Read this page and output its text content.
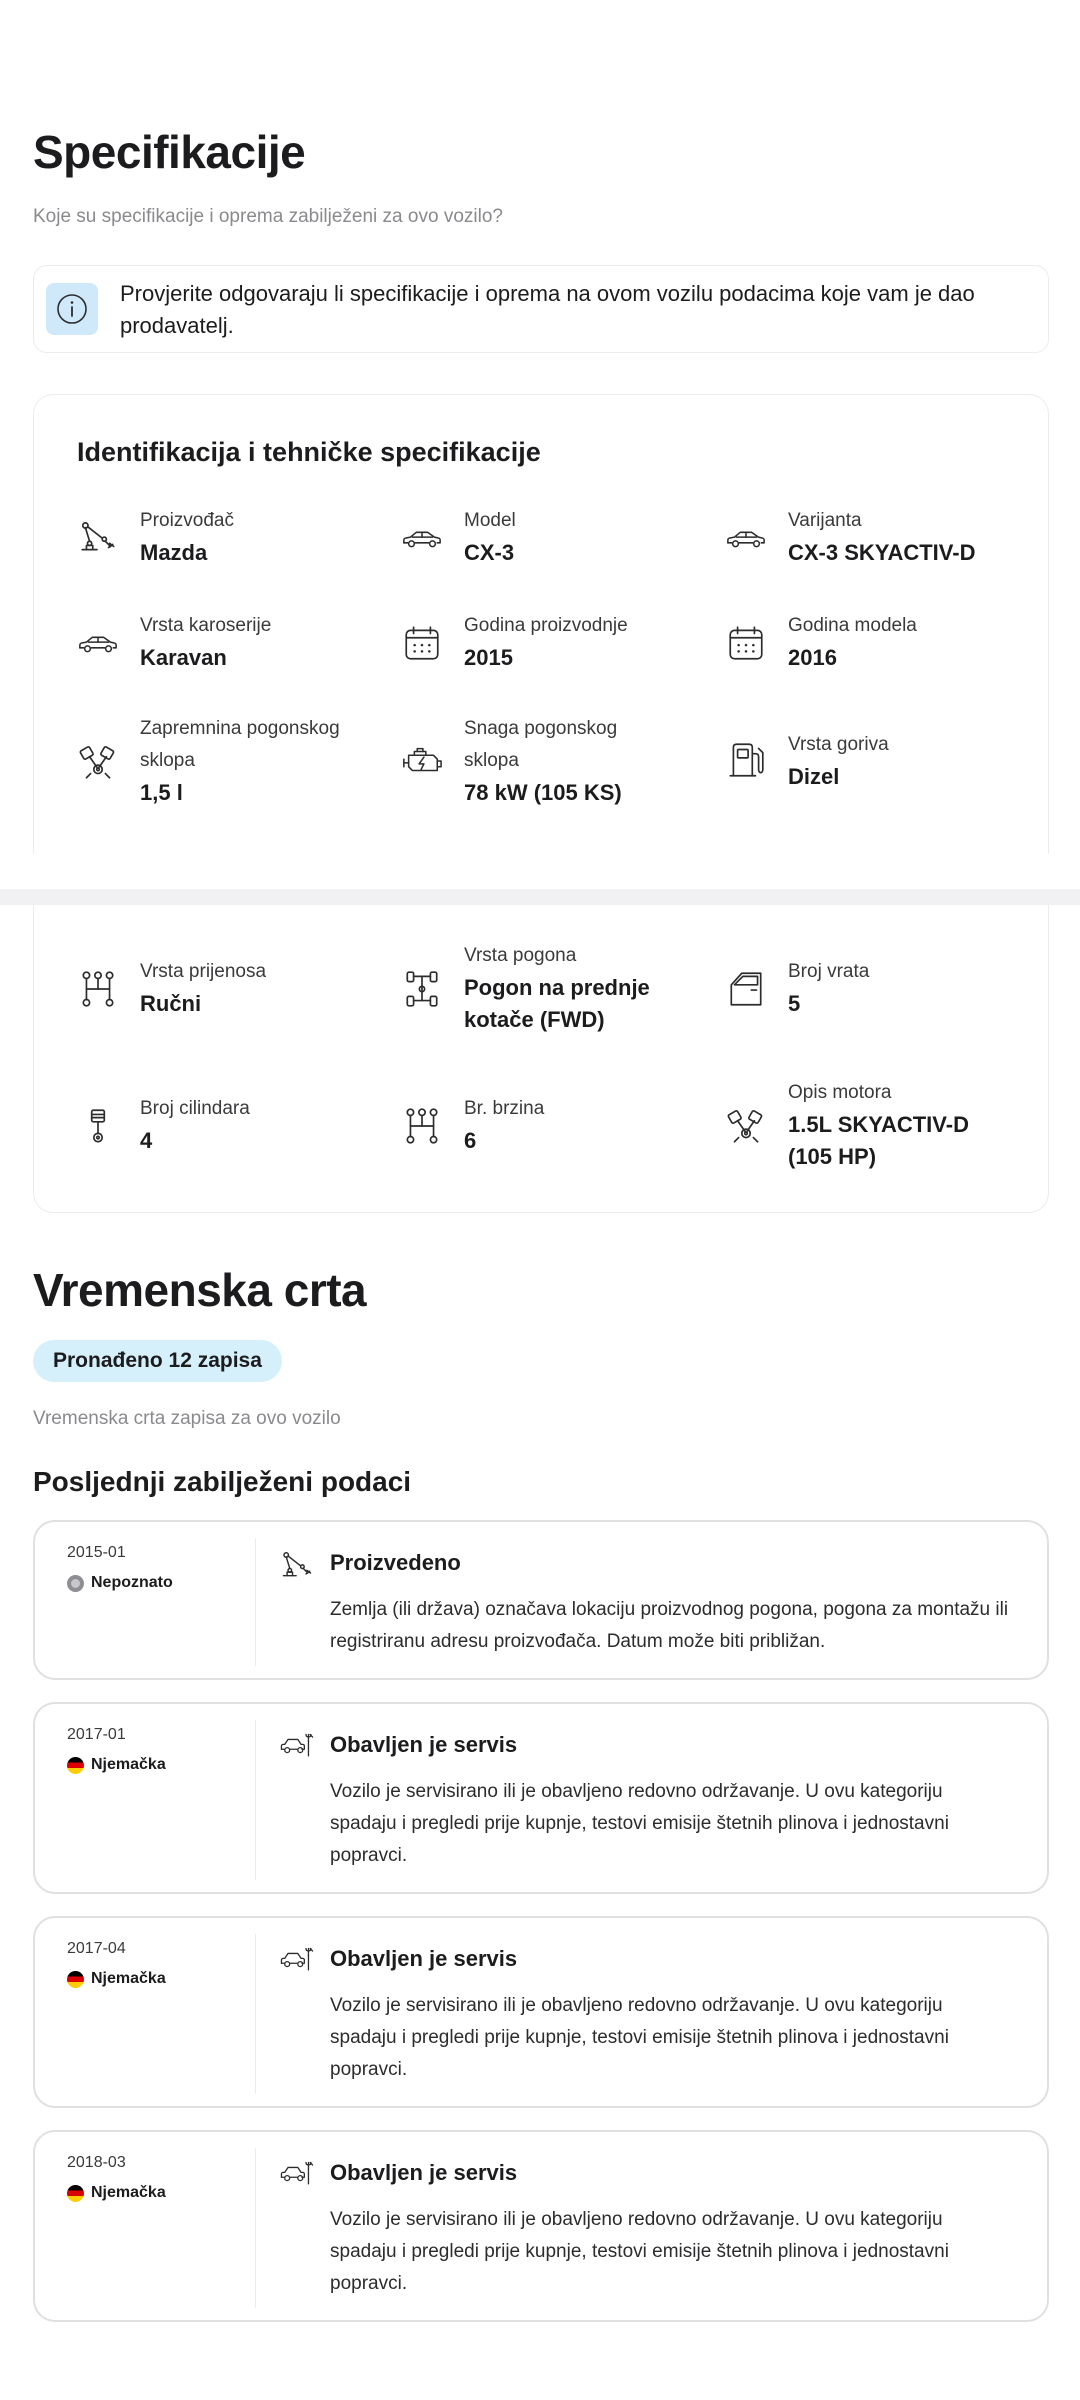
Specifikacije
Koje su specifikacije i oprema zabilježeni za ovo vozilo?
Provjerite odgovaraju li specifikacije i oprema na ovom vozilu podacima koje vam je dao prodavatelj.
Identifikacija i tehničke specifikacije
Proizvođač
Mazda
Model
CX-3
Varijanta
CX-3 SKYACTIV-D
Vrsta karoserije
Karavan
Godina proizvodnje
2015
Godina modela
2016
Zapremnina pogonskog sklopa
1,5 l
Snaga pogonskog sklopa
78 kW (105 KS)
Vrsta goriva
Dizel
Vrsta prijenosa
Ručni
Vrsta pogona
Pogon na prednje kotače (FWD)
Broj vrata
5
Broj cilindara
4
Br. brzina
6
Opis motora
1.5L SKYACTIV-D (105 HP)
Vremenska crta
Pronađeno 12 zapisa
Vremenska crta zapisa za ovo vozilo
Posljednji zabilježeni podaci
2015-01
Nepoznato
Proizvedeno
Zemlja (ili država) označava lokaciju proizvodnog pogona, pogona za montažu ili registriranu adresu proizvođača. Datum može biti približan.
2017-01
Njemačka
Obavljen je servis
Vozilo je servisirano ili je obavljeno redovno održavanje. U ovu kategoriju spadaju i pregledi prije kupnje, testovi emisije štetnih plinova i jednostavni popravci.
2017-04
Njemačka
Obavljen je servis
Vozilo je servisirano ili je obavljeno redovno održavanje. U ovu kategoriju spadaju i pregledi prije kupnje, testovi emisije štetnih plinova i jednostavni popravci.
2018-03
Njemačka
Obavljen je servis
Vozilo je servisirano ili je obavljeno redovno održavanje. U ovu kategoriju spadaju i pregledi prije kupnje, testovi emisije štetnih plinova i jednostavni popravci.
